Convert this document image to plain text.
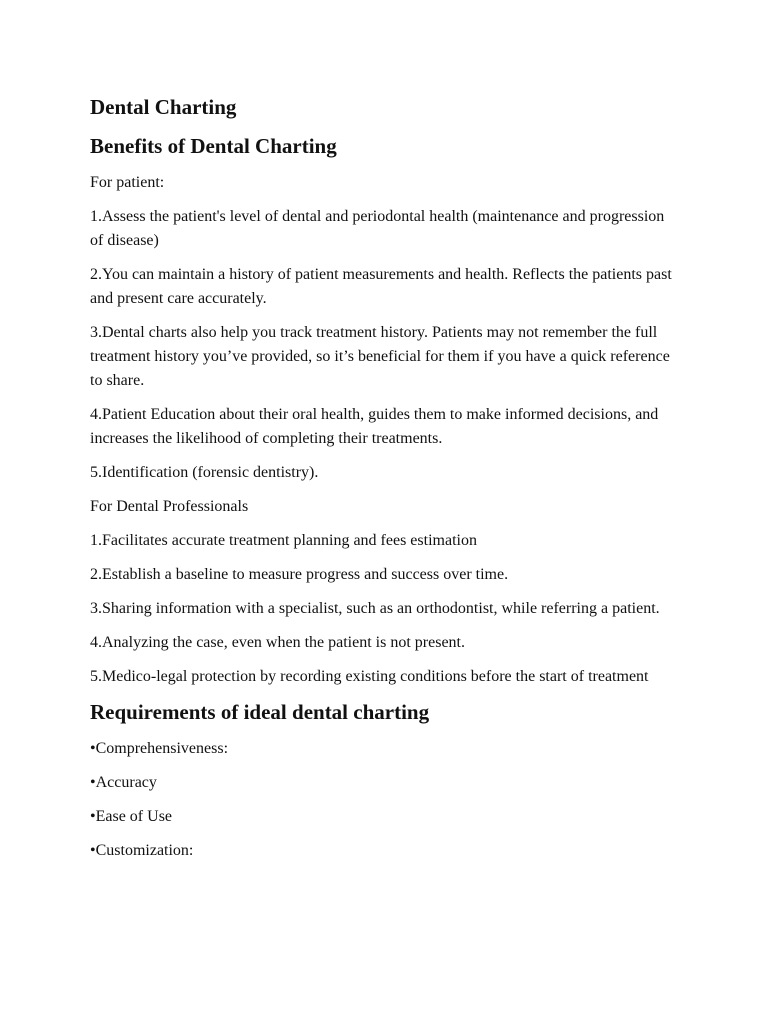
Dental Charting
Benefits of Dental Charting

For patient:

1.Assess the patient's level of dental and periodontal health (maintenance and progression of disease)

2.You can maintain a history of patient measurements and health. Reflects the patients past and present care accurately.

3.Dental charts also help you track treatment history. Patients may not remember the full treatment history you’ve provided, so it’s beneficial for them if you have a quick reference to share.

4.Patient Education about their oral health, guides them to make informed decisions, and increases the likelihood of completing their treatments.

5.Identification (forensic dentistry).

For Dental Professionals

1.Facilitates accurate treatment planning and fees estimation

2.Establish a baseline to measure progress and success over time.

3.Sharing information with a specialist, such as an orthodontist, while referring a patient.

4.Analyzing the case, even when the patient is not present.

5.Medico-legal protection by recording existing conditions before the start of treatment

Requirements of ideal dental charting

•Comprehensiveness:

•Accuracy

•Ease of Use

•Customization:
